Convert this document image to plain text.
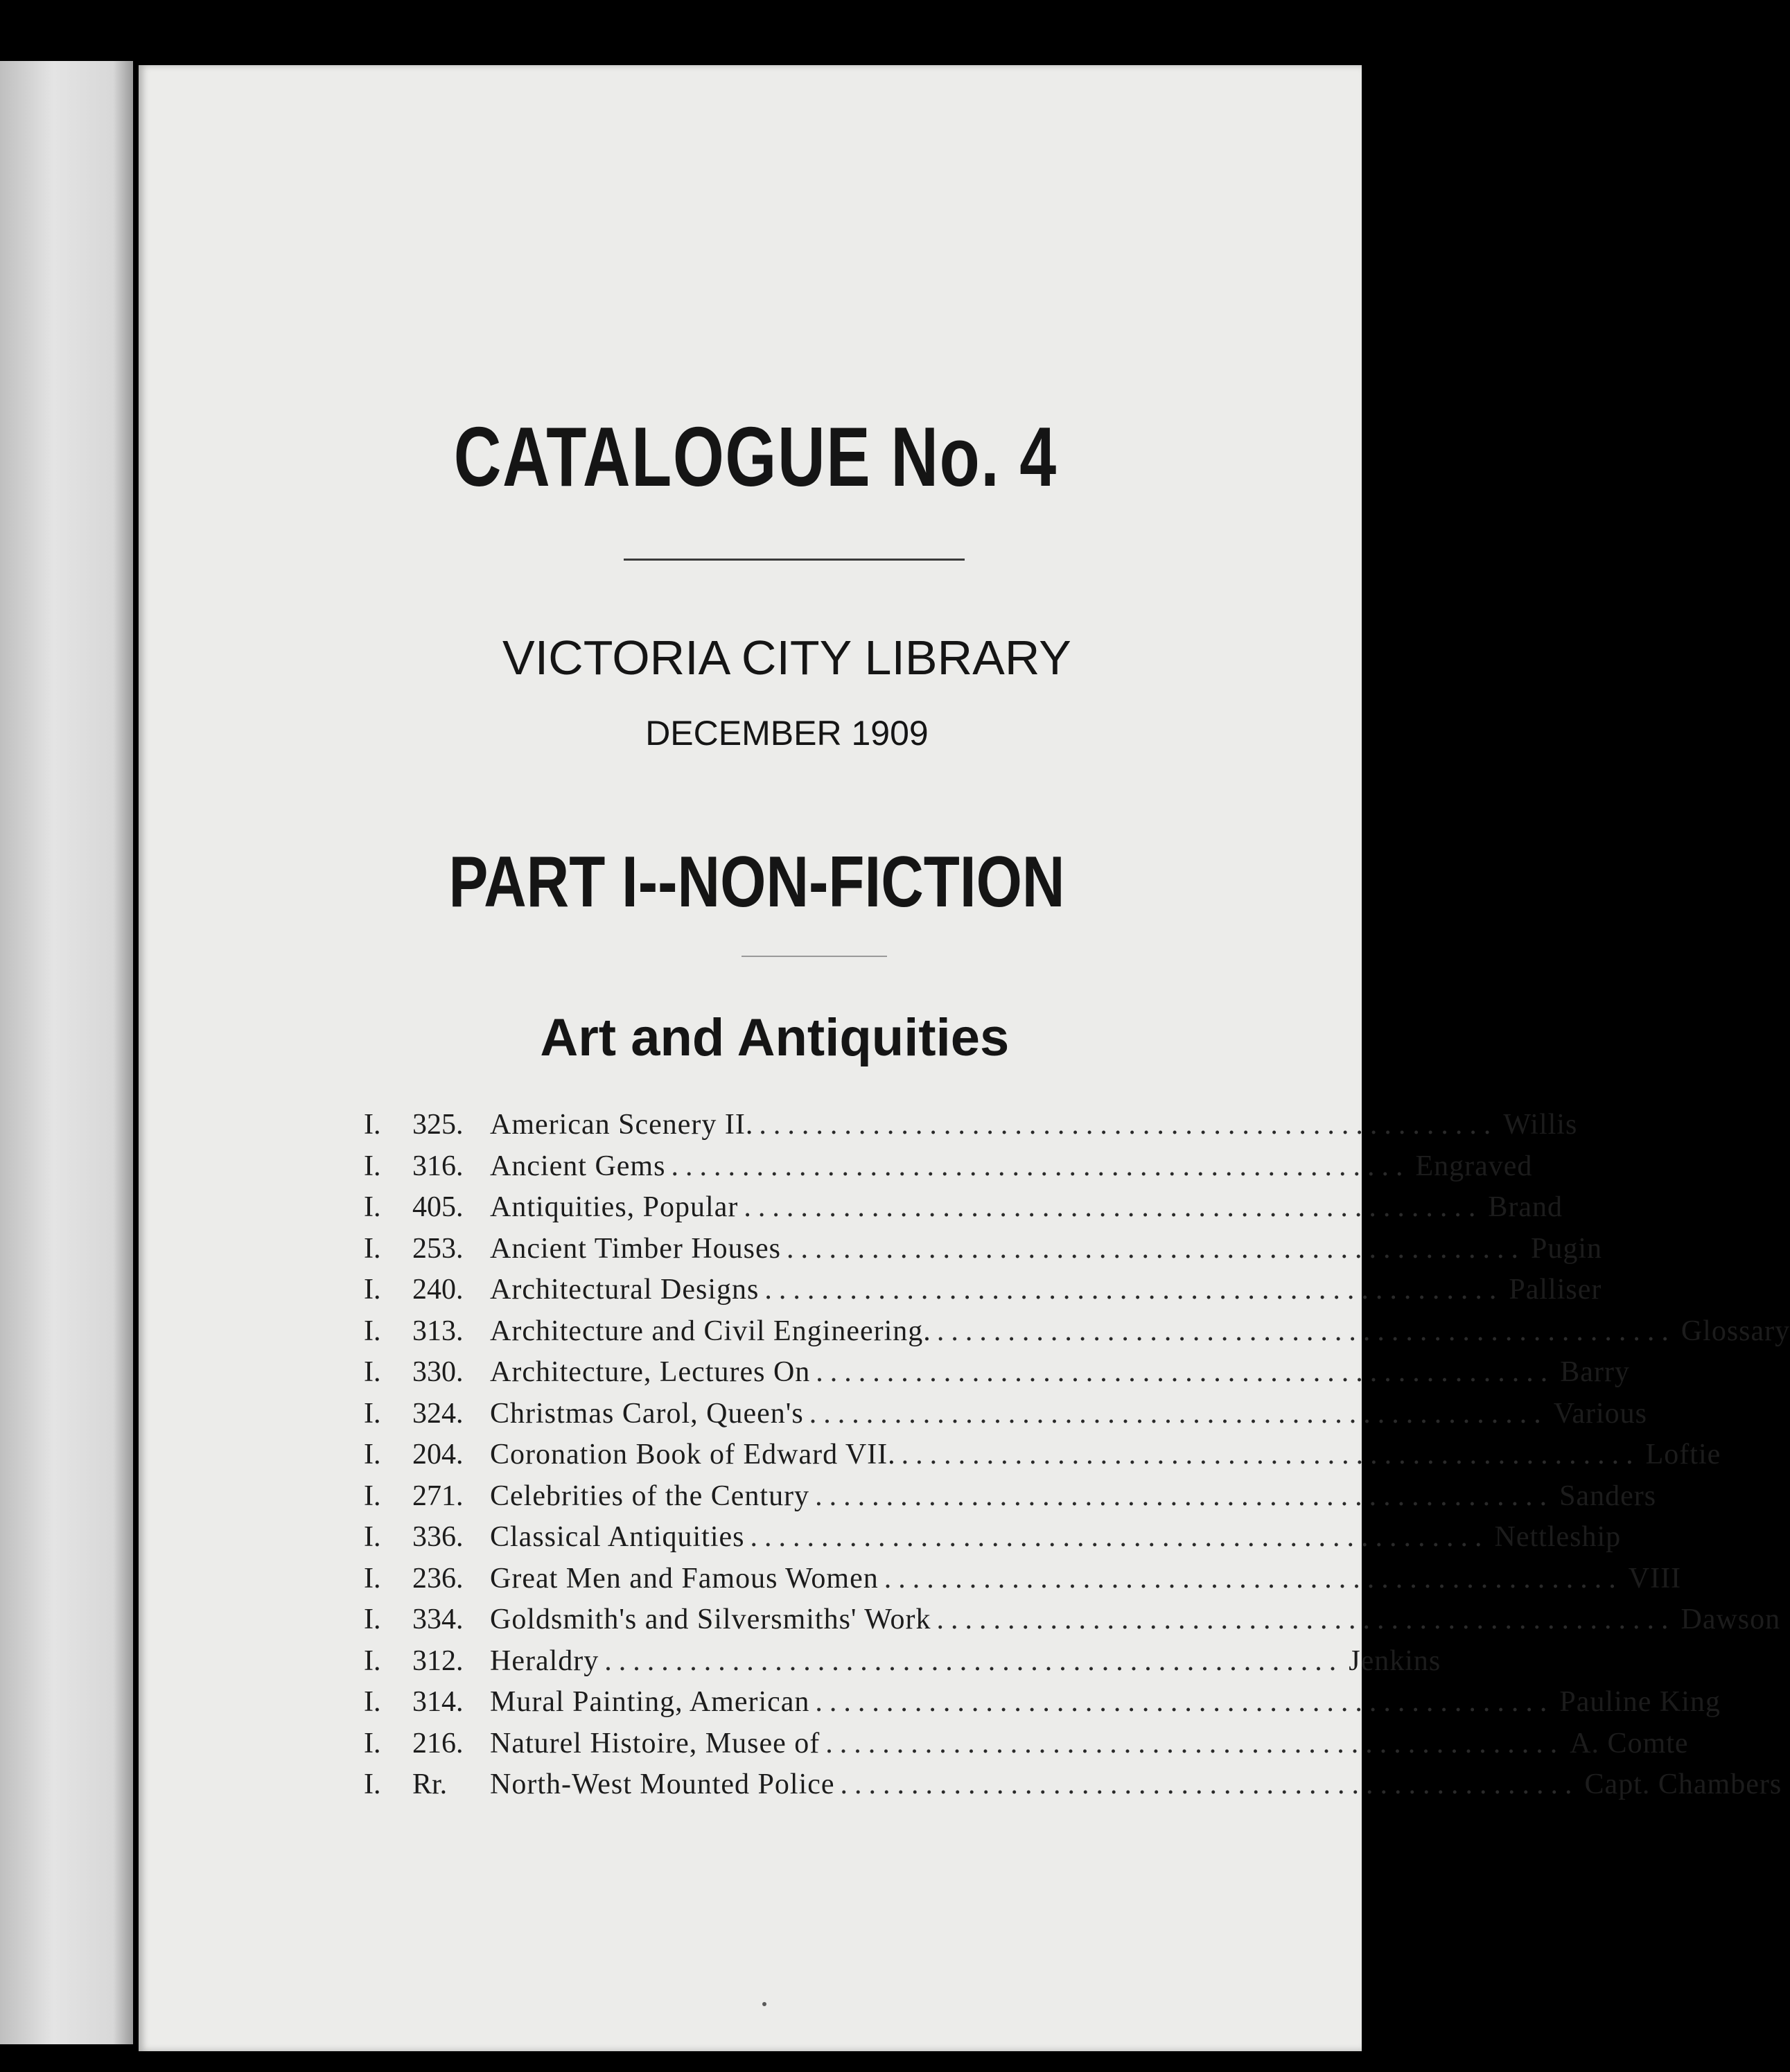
CATALOGUE No. 4
VICTORIA CITY LIBRARY
DECEMBER 1909
PART I--NON-FICTION
Art and Antiquities
I.	325. American Scenery II. .................................................... Willis
I.	316. Ancient Gems .................................................... Engraved
I.	405. Antiquities, Popular .................................................... Brand
I.	253. Ancient Timber Houses .................................................... Pugin
I.	240. Architectural Designs .................................................... Palliser
I.	313. Architecture and Civil Engineering. .................................................... Glossary
I.	330. Architecture, Lectures On .................................................... Barry
I.	324. Christmas Carol, Queen's .................................................... Various
I.	204. Coronation Book of Edward VII. .................................................... Loftie
I.	271. Celebrities of the Century .................................................... Sanders
I.	336. Classical Antiquities .................................................... Nettleship
I.	236. Great Men and Famous Women .................................................... VIII
I.	334. Goldsmith's and Silversmiths' Work .................................................... Dawson
I.	312. Heraldry .................................................... Jenkins
I.	314. Mural Painting, American .................................................... Pauline King
I.	216. Naturel Histoire, Musee of .................................................... A. Comte
I.	Rr.	North-West Mounted Police .................................................... Capt. Chambers
